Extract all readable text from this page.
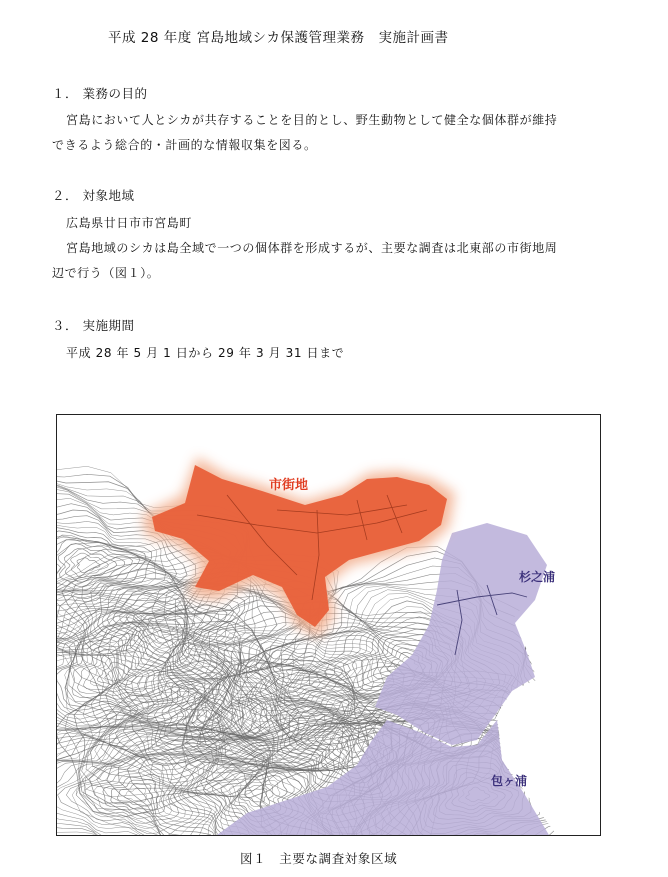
平成 28 年度 宮島地域シカ保護管理業務　実施計画書
１． 業務の目的
宮島において人とシカが共存することを目的とし、野生動物として健全な個体群が維持
できるよう総合的・計画的な情報収集を図る。
２． 対象地域
広島県廿日市市宮島町
宮島地域のシカは島全域で一つの個体群を形成するが、主要な調査は北東部の市街地周
辺で行う（図１）。
３． 実施期間
平成 28 年 5 月 1 日から 29 年 3 月 31 日まで
市街地
杉之浦
包ヶ浦
図１　主要な調査対象区域
